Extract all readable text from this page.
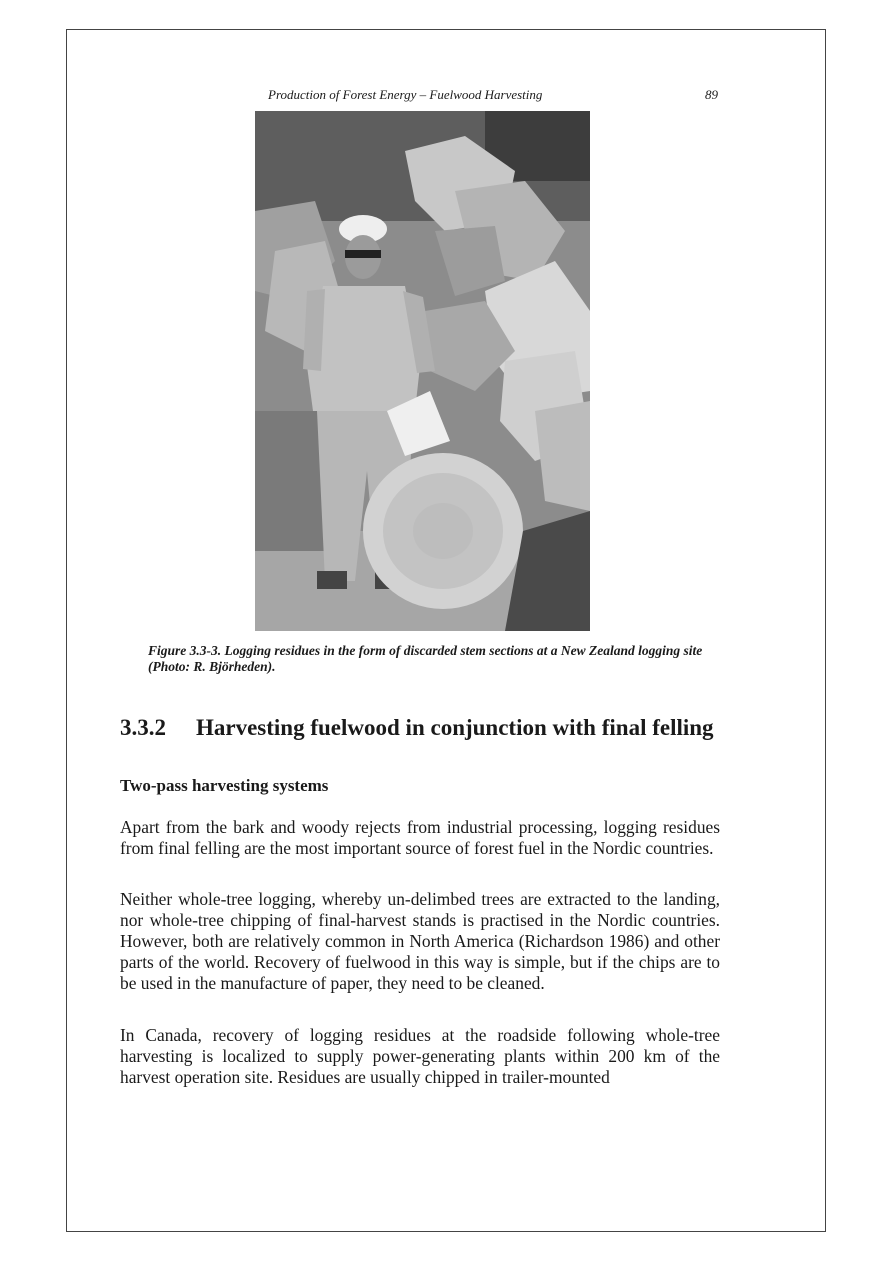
Production of Forest Energy – Fuelwood Harvesting	89
Figure 3.3-3. Logging residues in the form of discarded stem sections at a New Zealand logging site (Photo: R. Björheden).
3.3.2 Harvesting fuelwood in conjunction with final felling
Two-pass harvesting systems

Apart from the bark and woody rejects from industrial processing, logging residues from final felling are the most important source of forest fuel in the Nordic countries.

Neither whole-tree logging, whereby un-delimbed trees are extracted to the landing, nor whole-tree chipping of final-harvest stands is practised in the Nordic countries. However, both are relatively common in North America (Richardson 1986) and other parts of the world. Recovery of fuelwood in this way is simple, but if the chips are to be used in the manufacture of paper, they need to be cleaned.

In Canada, recovery of logging residues at the roadside following whole-tree harvesting is localized to supply power-generating plants within 200 km of the harvest operation site. Residues are usually chipped in trailer-mounted
